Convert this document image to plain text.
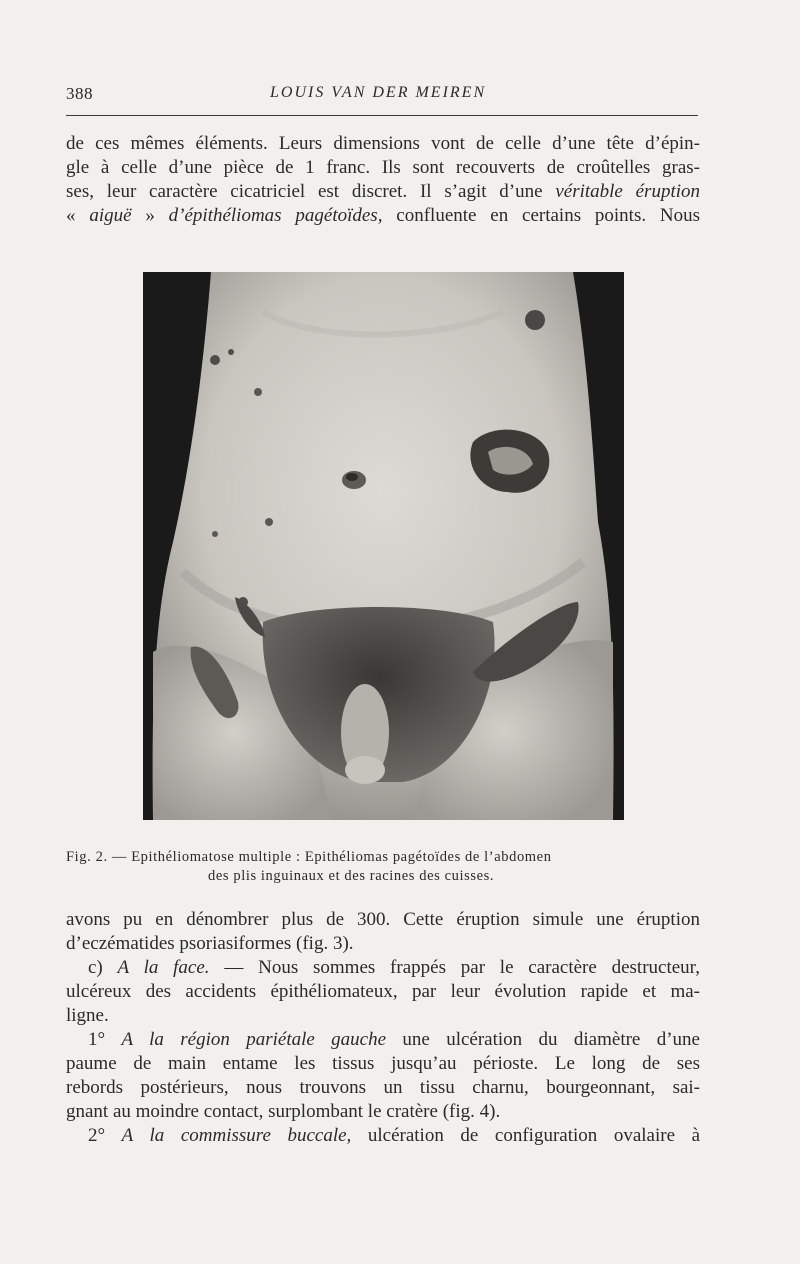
388	LOUIS VAN DER MEIREN
de ces mêmes éléments. Leurs dimensions vont de celle d’une tête d’épin-
gle à celle d’une pièce de 1 franc. Ils sont recouverts de croûtelles gras-
ses, leur caractère cicatriciel est discret. Il s’agit d’une véritable éruption
« aiguë » d’épithéliomas pagétoïdes, confluente en certains points. Nous
Fig. 2. — Epithéliomatose multiple : Epithéliomas pagétoïdes de l’abdomen
des plis inguinaux et des racines des cuisses.
avons pu en dénombrer plus de 300. Cette éruption simule une éruption
d’eczématides psoriasiformes (fig. 3).
c) A la face. — Nous sommes frappés par le caractère destructeur,
ulcéreux des accidents épithéliomateux, par leur évolution rapide et ma-
ligne.
1° A la région pariétale gauche une ulcération du diamètre d’une
paume de main entame les tissus jusqu’au périoste. Le long de ses
rebords postérieurs, nous trouvons un tissu charnu, bourgeonnant, sai-
gnant au moindre contact, surplombant le cratère (fig. 4).
2° A la commissure buccale, ulcération de configuration ovalaire à
